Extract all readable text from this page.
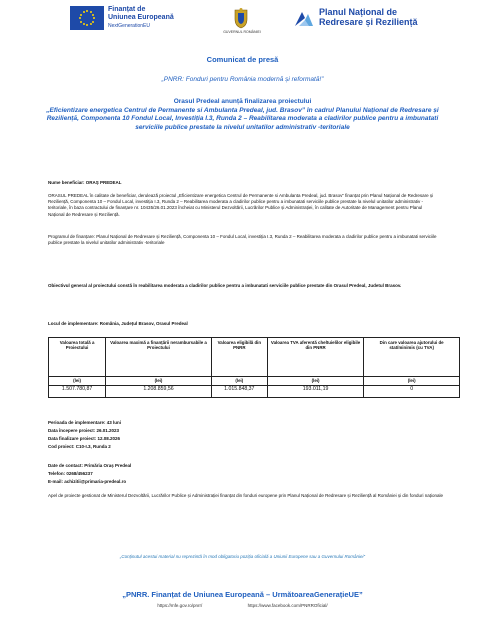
Finanțat de
Uniunea Europeană
NextGenerationEU
GUVERNUL ROMÂNIEI
Planul Național de
Redresare și Reziliență
Comunicat de presă
„PNRR: Fonduri pentru România modernă și reformată!”
Orasul Predeal anunță finalizarea proiectului
„Eficientizare energetica Centrul de Permanente si Ambulanta Predeal, jud. Brasov” în cadrul Planului Național de Redresare și Reziliență, Componenta 10 Fondul Local, Investiția I.3, Runda 2 – Reabilitarea moderata a cladirilor publice pentru a imbunatati serviciile publice prestate la nivelul unitatilor administrativ -teritoriale
Nume beneficiar: ORAȘ PREDEAL
ORASUL PREDEAL în calitate de beneficiar, derulează proiectul „Eficientizare energetica Centrul de Permanente si Ambulanta Predeal, jud. Brasov” finanțat prin Planul Național de Redresare și Reziliență, Componenta 10 – Fondul Local, investiția I.3, Runda 2 – Reabilitarea moderata a cladirilor publice pentru a imbunatati serviciile publice prestate la nivelul unitatilor administrativ -teritoriale, în baza contractului de finanțare nr. 10435/26.01.2023 încheiat cu Ministerul Dezvoltării, Lucrărilor Publice și Administrației, în calitate de Autoritate de Management pentru Planul Național de Redresare și Reziliență.
Programul de finanțare: Planul Național de Redresare și Reziliență, Componenta 10 – Fondul Local, investiția I.3, Runda 2 – Reabilitarea moderata a cladirilor publice pentru a imbunatati serviciile publice prestate la nivelul unitatilor administrativ -teritoriale
Obiectivul general al proiectului constă în reabilitarea moderata a cladirilor publice pentru a imbunatati serviciile publice prestate din Orasul Predeal, Judetul Brasov.
Locul de implementare: România, Județul Brasov, Orasul Predeal
Valoarea totală a Proiectului	Valoarea maximă a finanțării nerambursabile a Proiectului	Valoarea eligibilă din PNRR	Valoarea TVA aferentă cheltuielilor eligibile din PNRR	Din care valoarea ajutorului de stat/minimis (cu TVA)
(lei)	(lei)	(lei)	(lei)	(lei)
1.507.780,87	1.208.859,56	1.015.848,37	193.011,19	0
Perioada de implementare: 43 luni
Data începere proiect: 26.01.2023
Data finalizare proiect: 12.08.2026
Cod proiect: C10-I.3, Runda 2
Date de contact: Primăria Oraș Predeal
Telefon: 0268/456237
E-mail: achizitii@primaria-predeal.ro
Apel de proiecte gestionat de Ministerul Dezvoltării, Lucrărilor Publice și Administrației finanțat din fonduri europene prin Planul Național de Redresare și Reziliență al României și din fonduri naționale
„Conținutul acestui material nu reprezintă în mod obligatoriu poziția oficială a Uniunii Europene sau a Guvernului României”
„PNRR. Finanțat de Uniunea Europeană – UrmătoareaGenerațieUE”
https://mfe.gov.ro/pnrr/	https://www.facebook.com/PNRROficial/
